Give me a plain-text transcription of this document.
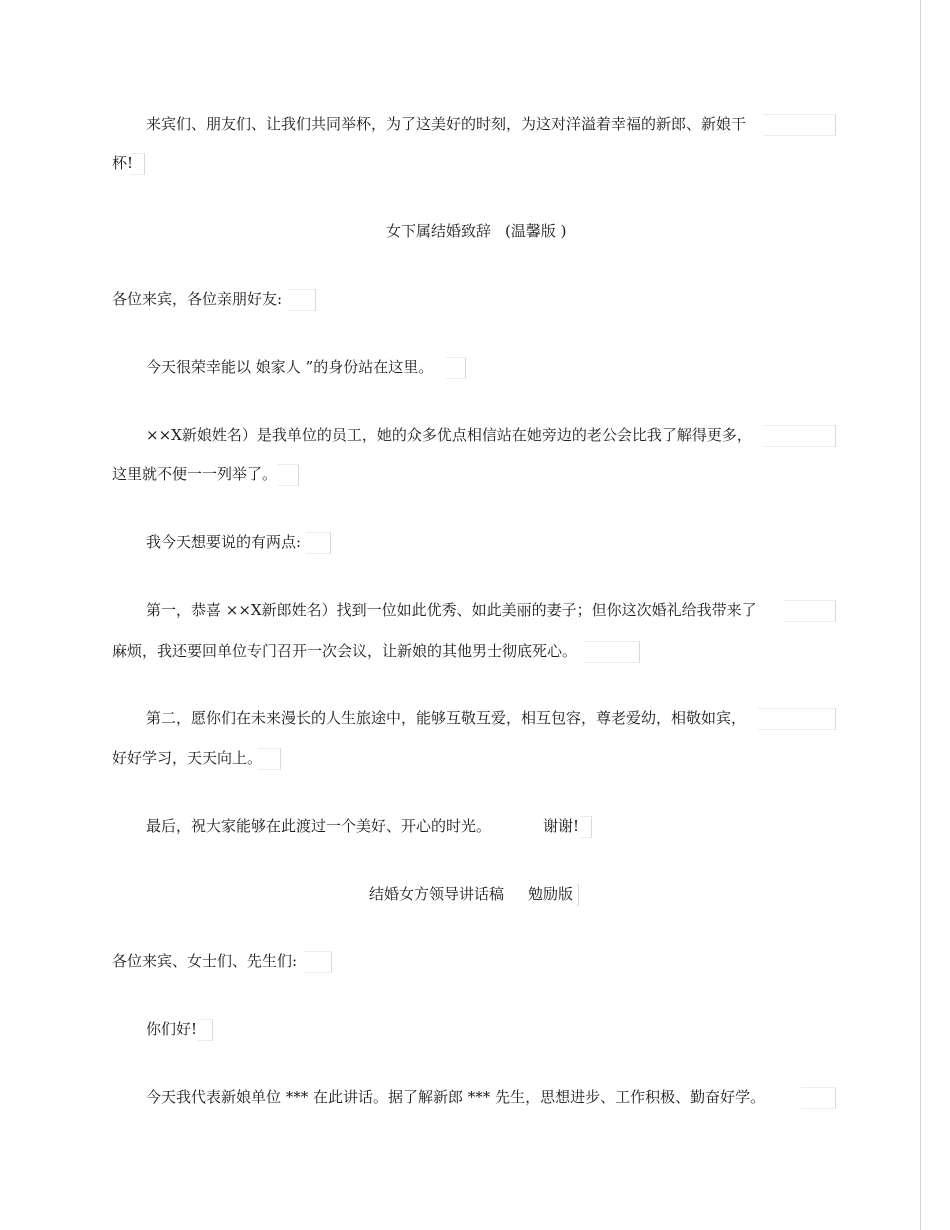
来宾们、朋友们、让我们共同举杯，为了这美好的时刻，为这对洋溢着幸福的新郎、新娘干
杯!
女下属结婚致辞 (温馨版 )
各位来宾，各位亲朋好友:
今天很荣幸能以 娘家人 ”的身份站在这里。
××X新娘姓名）是我单位的员工，她的众多优点相信站在她旁边的老公会比我了解得更多，
这里就不便一一列举了。
我今天想要说的有两点:
第一，恭喜 ××X新郎姓名）找到一位如此优秀、如此美丽的妻子；但你这次婚礼给我带来了
麻烦，我还要回单位专门召开一次会议，让新娘的其他男士彻底死心。
第二，愿你们在未来漫长的人生旅途中，能够互敬互爱，相互包容，尊老爱幼，相敬如宾，
好好学习，天天向上。
最后，祝大家能够在此渡过一个美好、开心的时光。	谢谢!
结婚女方领导讲话稿 勉励版
各位来宾、女士们、先生们:
你们好!
今天我代表新娘单位 *** 在此讲话。据了解新郎 *** 先生，思想进步、工作积极、勤奋好学。
